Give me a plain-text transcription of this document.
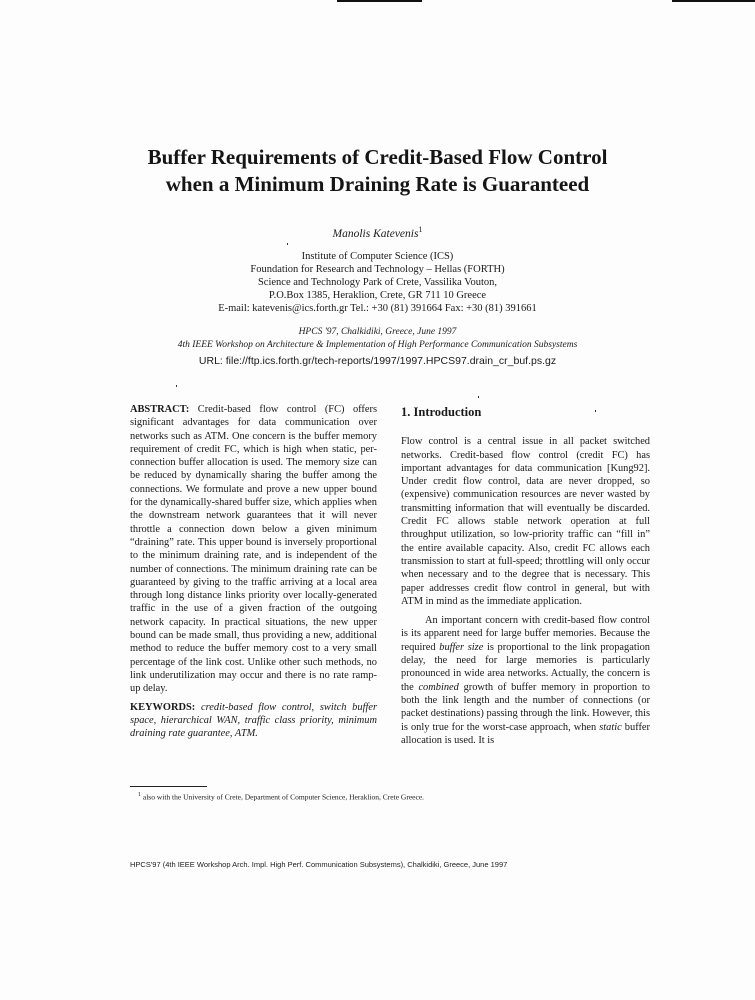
Buffer Requirements of Credit-Based Flow Control
when a Minimum Draining Rate is Guaranteed
Manolis Katevenis$^1$
Institute of Computer Science (ICS)
Foundation for Research and Technology – Hellas (FORTH)
Science and Technology Park of Crete, Vassilika Vouton,
P.O.Box 1385, Heraklion, Crete, GR 711 10 Greece
E-mail: katevenis@ics.forth.gr Tel.: +30 (81) 391664 Fax: +30 (81) 391661
HPCS '97, Chalkidiki, Greece, June 1997
4th IEEE Workshop on Architecture & Implementation of High Performance Communication Subsystems
URL: file://ftp.ics.forth.gr/tech-reports/1997/1997.HPCS97.drain_cr_buf.ps.gz

ABSTRACT: Credit-based flow control (FC) offers significant advantages for data communication over networks such as ATM. One concern is the buffer memory requirement of credit FC, which is high when static, per-connection buffer allocation is used. The memory size can be reduced by dynamically sharing the buffer among the connections. We formulate and prove a new upper bound for the dynamically-shared buffer size, which applies when the downstream network guarantees that it will never throttle a connection down below a given minimum “draining” rate. This upper bound is inversely proportional to the minimum draining rate, and is independent of the number of connections. The minimum draining rate can be guaranteed by giving to the traffic arriving at a local area through long distance links priority over locally-generated traffic in the use of a given fraction of the outgoing network capacity. In practical situations, the new upper bound can be made small, thus providing a new, additional method to reduce the buffer memory cost to a very small percentage of the link cost. Unlike other such methods, no link underutilization may occur and there is no rate ramp-up delay.

KEYWORDS: credit-based flow control, switch buffer space, hierarchical WAN, traffic class priority, minimum draining rate guarantee, ATM.

1. Introduction

Flow control is a central issue in all packet switched networks. Credit-based flow control (credit FC) has important advantages for data communication [Kung92]. Under credit flow control, data are never dropped, so (expensive) communication resources are never wasted by transmitting information that will eventually be discarded. Credit FC allows stable network operation at full throughput utilization, so low-priority traffic can “fill in” the entire available capacity. Also, credit FC allows each transmission to start at full-speed; throttling will only occur when necessary and to the degree that is necessary. This paper addresses credit flow control in general, but with ATM in mind as the immediate application.

An important concern with credit-based flow control is its apparent need for large buffer memories. Because the required buffer size is proportional to the link propagation delay, the need for large memories is particularly pronounced in wide area networks. Actually, the concern is the combined growth of buffer memory in proportion to both the link length and the number of connections (or packet destinations) passing through the link. However, this is only true for the worst-case approach, when static buffer allocation is used. It is

$^1$ also with the University of Crete, Department of Computer Science, Heraklion, Crete Greece.
HPCS'97 (4th IEEE Workshop Arch. Impl. High Perf. Communication Subsystems), Chalkidiki, Greece, June 1997
